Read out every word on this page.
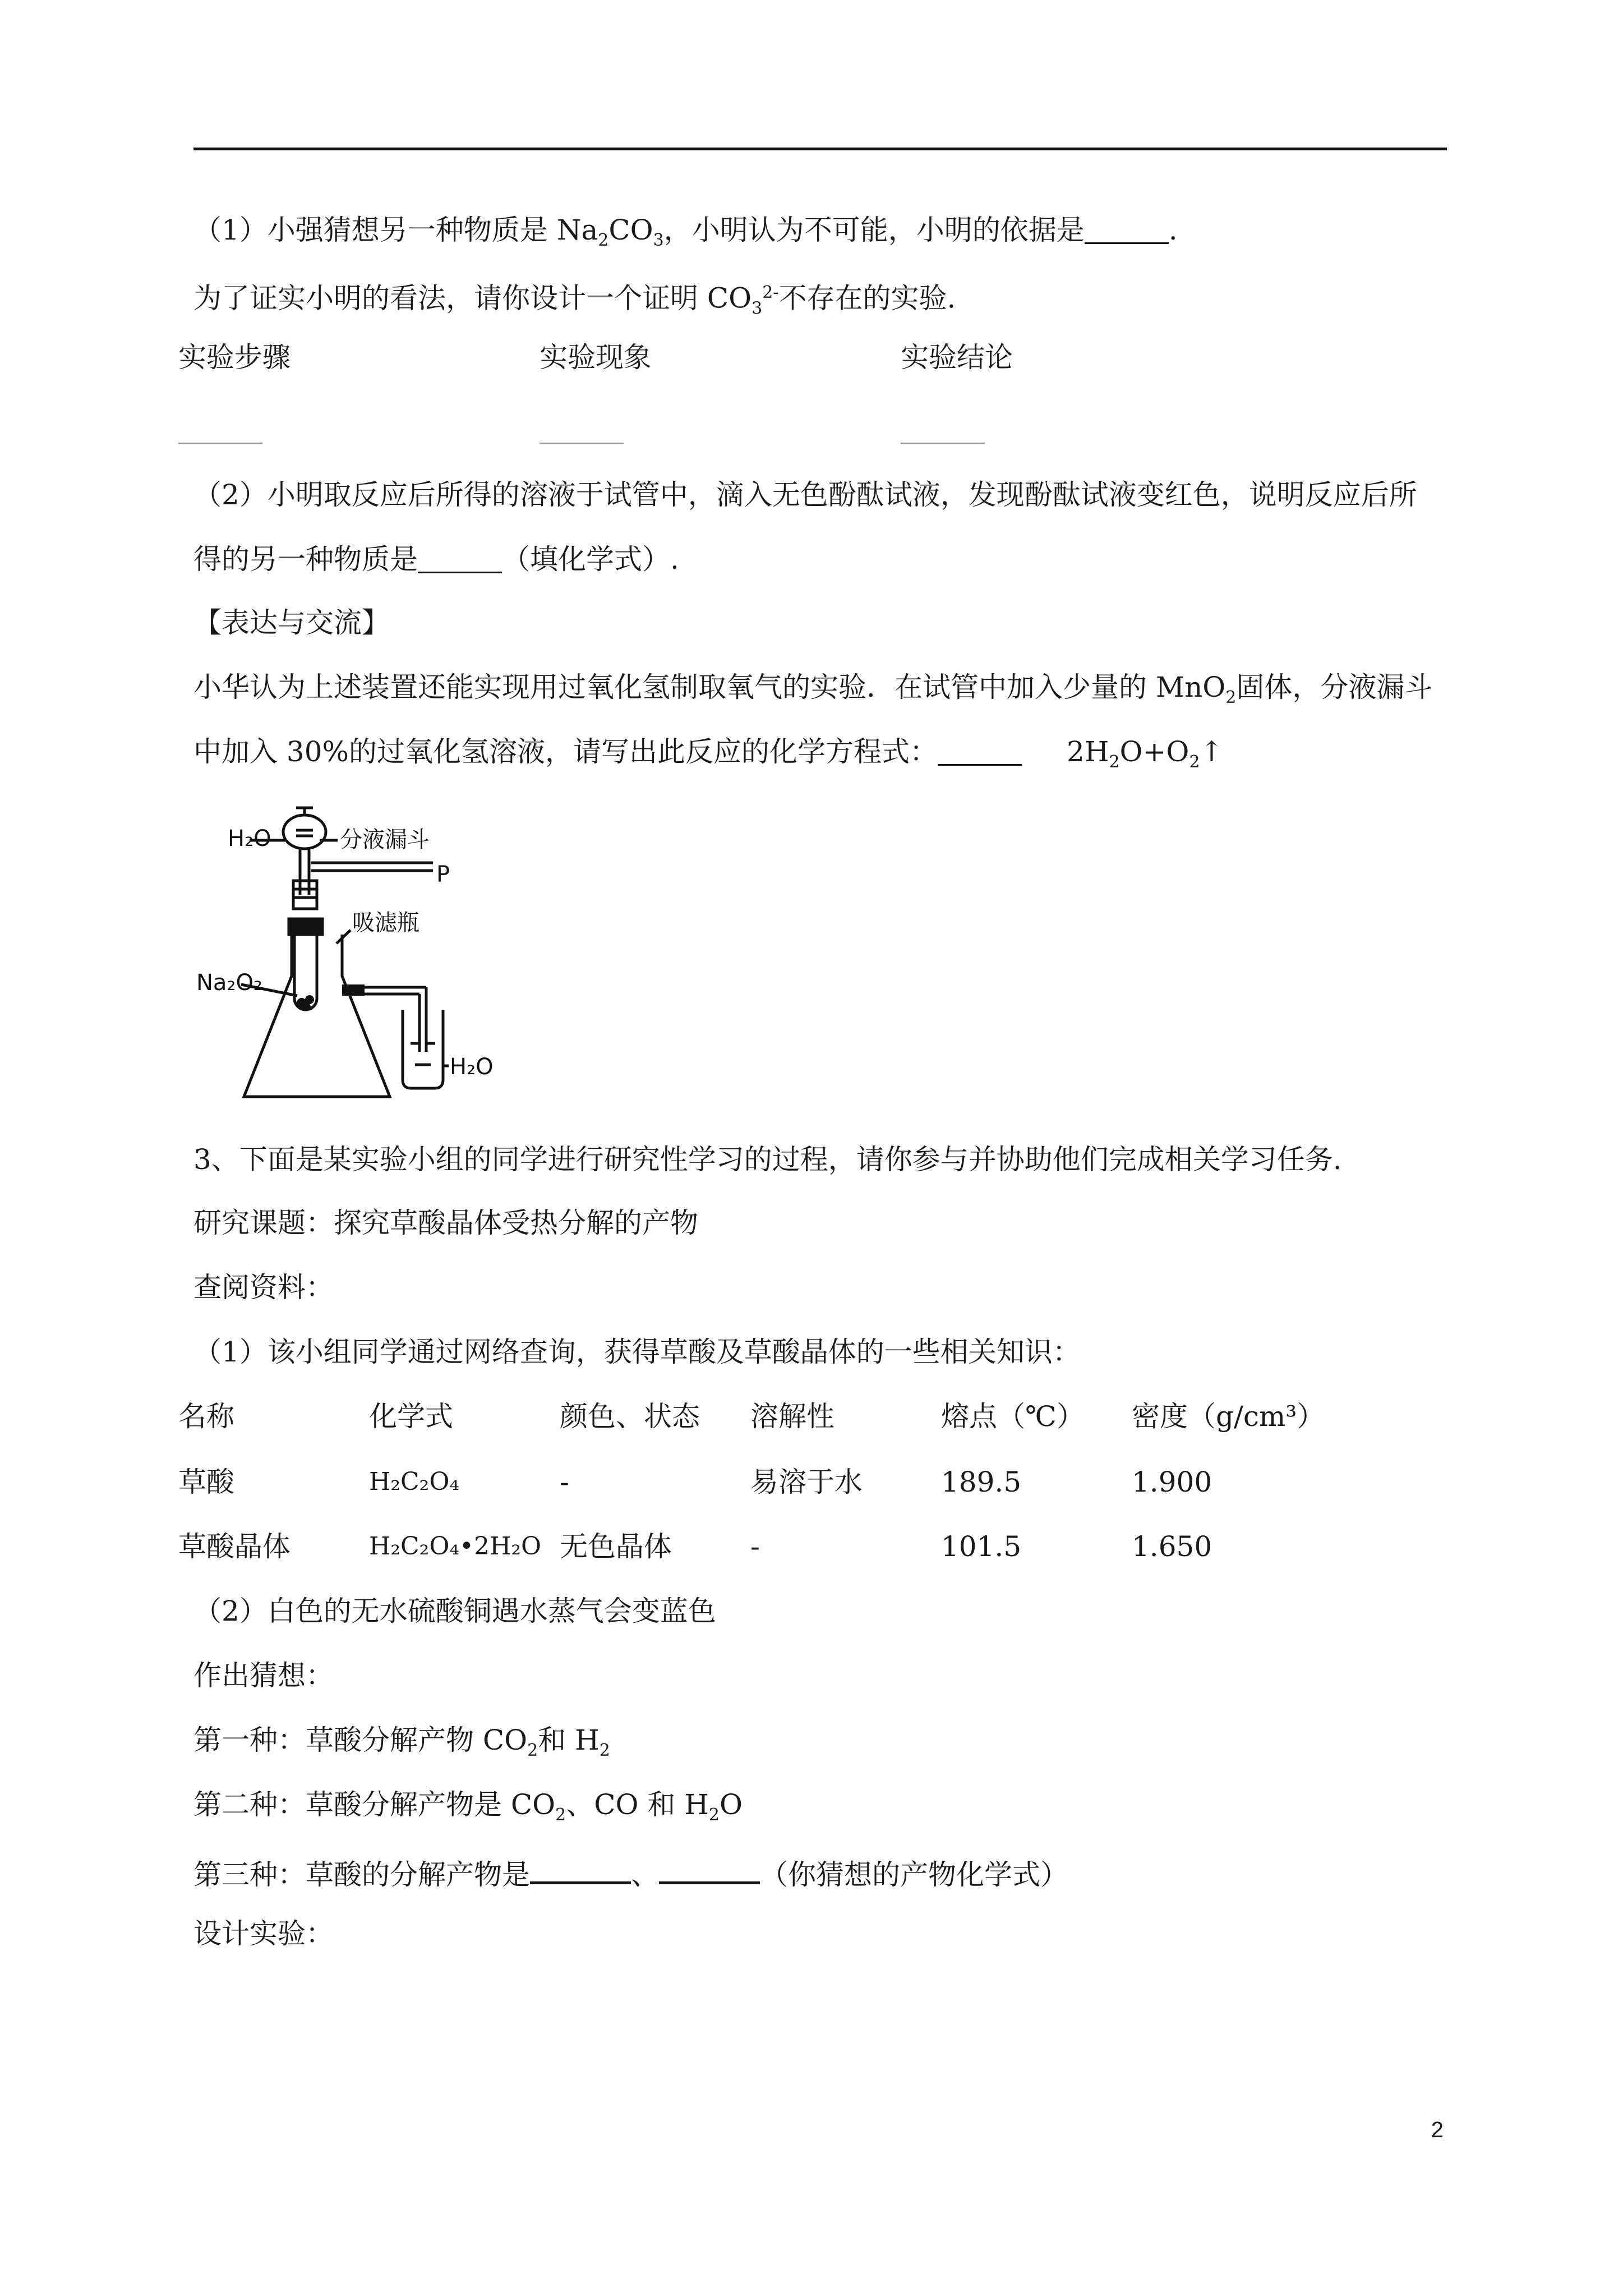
（1）小强猜想另一种物质是 $Na_2CO_3$，小明认为不可能，小明的依据是	.
为了证实小明的看法，请你设计一个证明 $CO_3^{2-}$不存在的实验.
实验步骤	实验现象	实验结论
（2）小明取反应后所得的溶液于试管中，滴入无色酚酞试液，发现酚酞试液变红色，说明反应后所
得的另一种物质是	（填化学式）.
【表达与交流】
小华认为上述装置还能实现用过氧化氢制取氧气的实验．在试管中加入少量的 MnO$_2$固体，分液漏斗
中加入 30%的过氧化氢溶液，请写出此反应的化学方程式：	$2H_2O+O_2↑$
H₂O	分液漏斗
P
吸滤瓶
Na₂O₂
H₂O
3、下面是某实验小组的同学进行研究性学习的过程，请你参与并协助他们完成相关学习任务.
研究课题：探究草酸晶体受热分解的产物
查阅资料：
（1）该小组同学通过网络查询，获得草酸及草酸晶体的一些相关知识：
名称	化学式	颜色、状态 溶解性	熔点（℃） 密度（g/cm³）
草酸	H₂C₂O₄	-	易溶于水	189.5	1.900
草酸晶体	H₂C₂O₄•2H₂O 无色晶体	-	101.5	1.650
（2）白色的无水硫酸铜遇水蒸气会变蓝色
作出猜想：
第一种：草酸分解产物 $CO_2$和 $H_2$
第二种：草酸分解产物是 $CO_2$、CO 和 $H_2O$
第三种：草酸的分解产物是	、	（你猜想的产物化学式）
设计实验：
2
